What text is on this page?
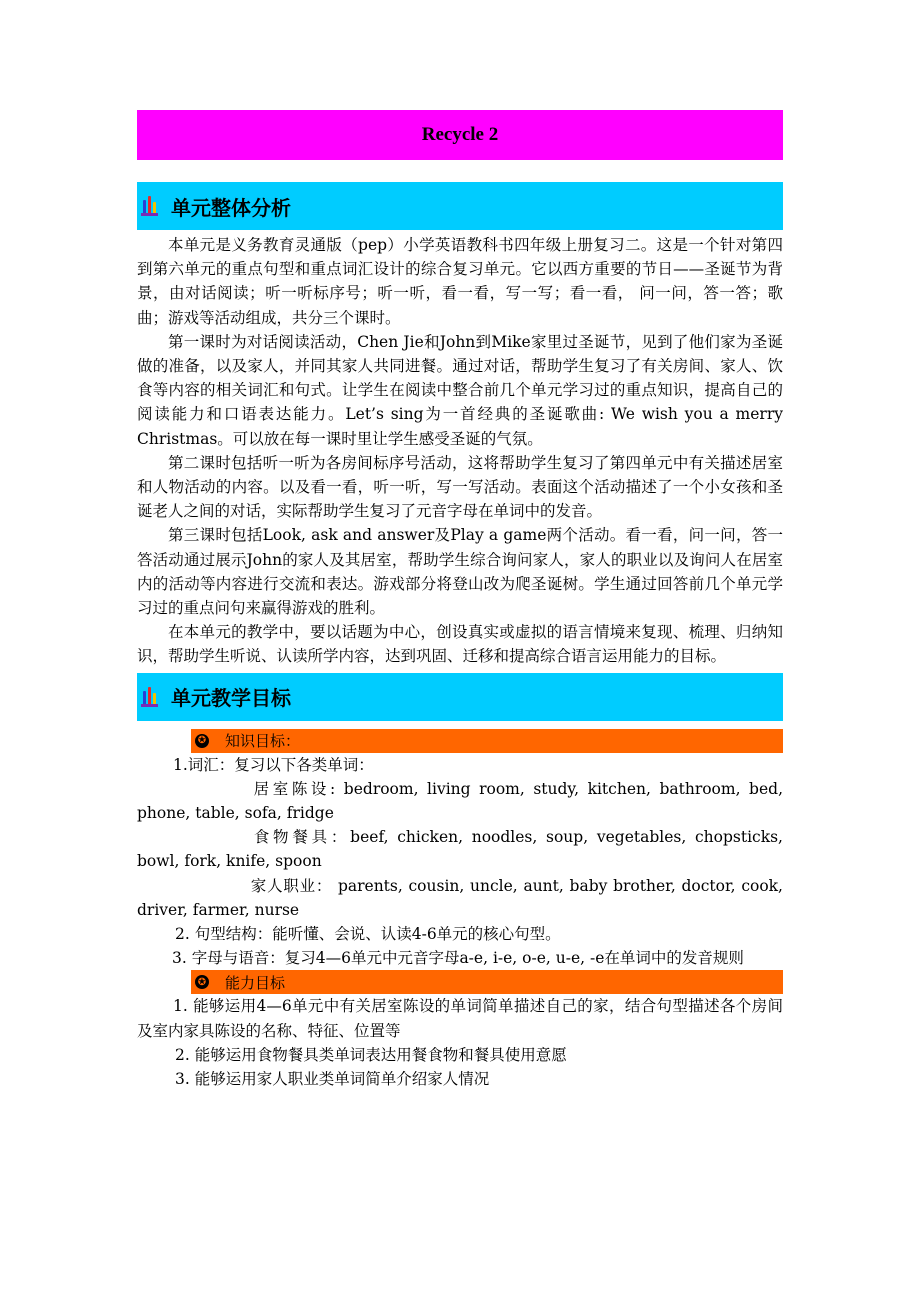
Recycle 2
单元整体分析

本单元是义务教育灵通版（pep）小学英语教科书四年级上册复习二。这是一个针对第四到第六单元的重点句型和重点词汇设计的综合复习单元。它以西方重要的节日——圣诞节为背景，由对话阅读；听一听标序号；听一听，看一看，写一写；看一看， 问一问，答一答；歌曲；游戏等活动组成，共分三个课时。

第一课时为对话阅读活动，Chen Jie和John到Mike家里过圣诞节，见到了他们家为圣诞做的准备，以及家人，并同其家人共同进餐。通过对话，帮助学生复习了有关房间、家人、饮食等内容的相关词汇和句式。让学生在阅读中整合前几个单元学习过的重点知识，提高自己的阅读能力和口语表达能力。Let’s sing为一首经典的圣诞歌曲: We wish you a merry Christmas。可以放在每一课时里让学生感受圣诞的气氛。

第二课时包括听一听为各房间标序号活动，这将帮助学生复习了第四单元中有关描述居室和人物活动的内容。以及看一看，听一听，写一写活动。表面这个活动描述了一个小女孩和圣诞老人之间的对话，实际帮助学生复习了元音字母在单词中的发音。

第三课时包括Look, ask and answer及Play a game两个活动。看一看，问一问，答一答活动通过展示John的家人及其居室，帮助学生综合询问家人，家人的职业以及询问人在居室内的活动等内容进行交流和表达。游戏部分将登山改为爬圣诞树。学生通过回答前几个单元学习过的重点问句来赢得游戏的胜利。

在本单元的教学中，要以话题为中心，创设真实或虚拟的语言情境来复现、梳理、归纳知识，帮助学生听说、认读所学内容，达到巩固、迁移和提高综合语言运用能力的目标。

单元教学目标
✪ 知识目标：

1.词汇：复习以下各类单词：

居室陈设: bedroom, living room, study, kitchen, bathroom, bed, phone, table, sofa, fridge

食物餐具：beef, chicken, noodles, soup, vegetables, chopsticks, bowl, fork, knife, spoon

家人职业： parents, cousin, uncle, aunt, baby brother, doctor, cook, driver, farmer, nurse

2. 句型结构：能听懂、会说、认读4-6单元的核心句型。

3. 字母与语音：复习4—6单元中元音字母a-e, i-e, o-e, u-e, -e在单词中的发音规则

✪ 能力目标

1. 能够运用4—6单元中有关居室陈设的单词简单描述自己的家，结合句型描述各个房间及室内家具陈设的名称、特征、位置等

2. 能够运用食物餐具类单词表达用餐食物和餐具使用意愿

3. 能够运用家人职业类单词简单介绍家人情况
